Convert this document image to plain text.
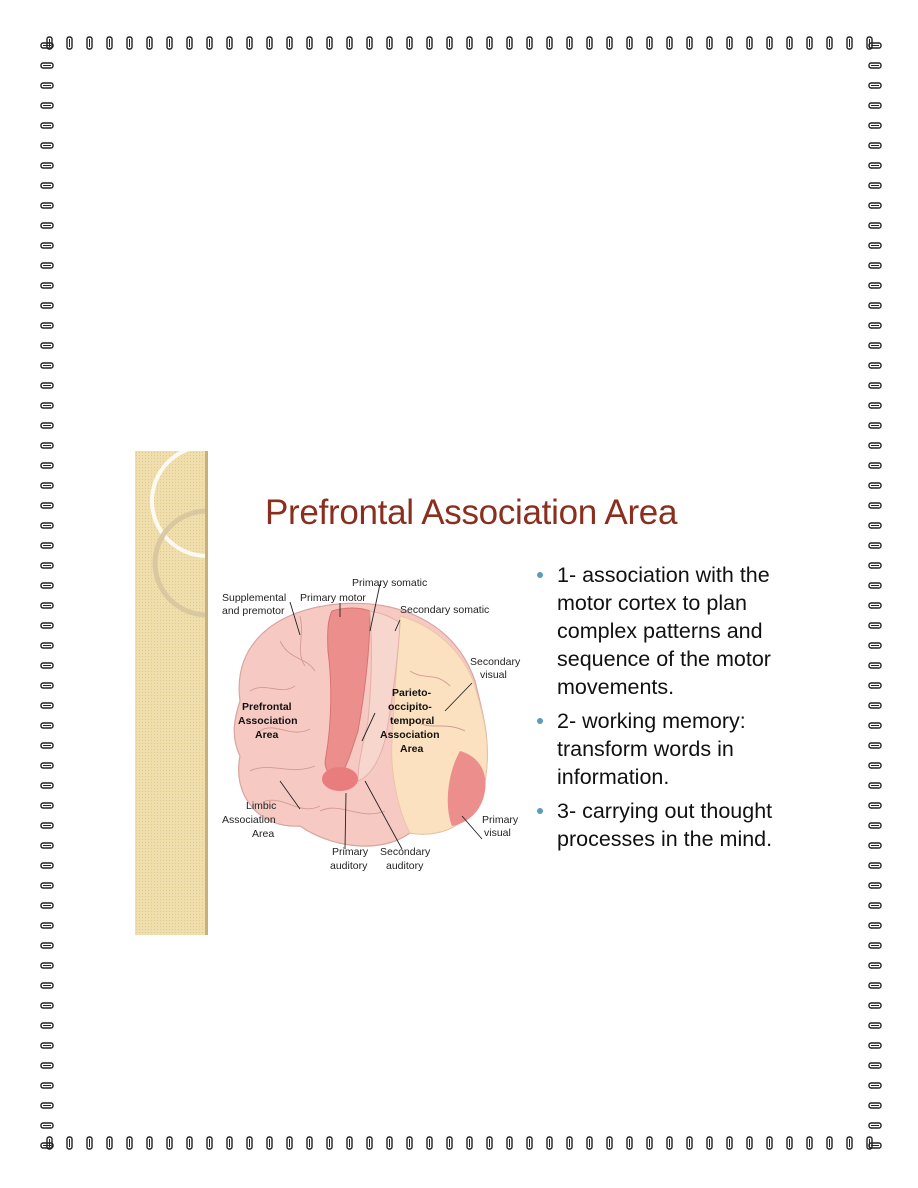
Prefrontal Association Area
Primary somatic
Supplemental
and premotor
Primary motor
Secondary somatic
Secondary
visual
Prefrontal
Association
Area
Parieto-
occipito-
temporal
Association
Area
Limbic
Association
Area
Primary
visual
Primary
auditory
Secondary
auditory
1- association with the motor cortex to plan complex patterns and sequence of the motor movements.
2- working memory: transform words in information.
3- carrying out thought processes in the mind.
